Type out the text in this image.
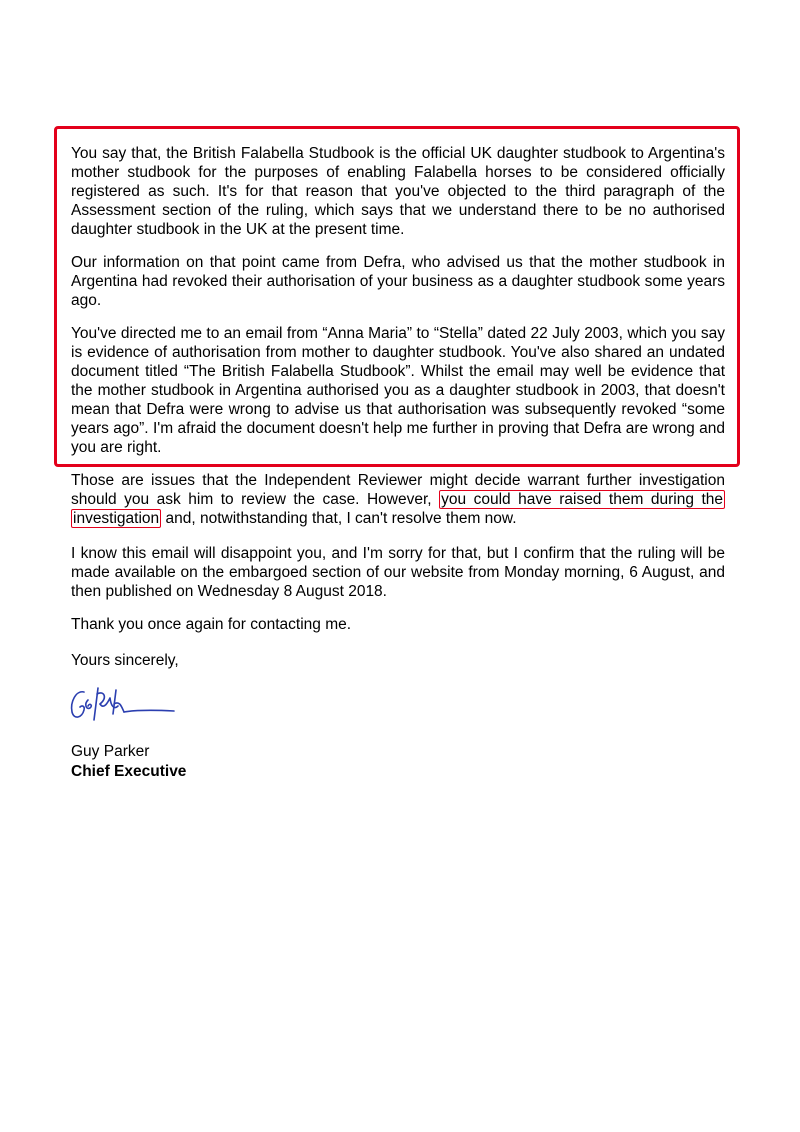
You say that, the British Falabella Studbook is the official UK daughter studbook to Argentina's mother studbook for the purposes of enabling Falabella horses to be considered officially registered as such. It's for that reason that you've objected to the third paragraph of the Assessment section of the ruling, which says that we understand there to be no authorised daughter studbook in the UK at the present time.

Our information on that point came from Defra, who advised us that the mother studbook in Argentina had revoked their authorisation of your business as a daughter studbook some years ago.

You've directed me to an email from “Anna Maria” to “Stella” dated 22 July 2003, which you say is evidence of authorisation from mother to daughter studbook. You've also shared an undated document titled “The British Falabella Studbook”. Whilst the email may well be evidence that the mother studbook in Argentina authorised you as a daughter studbook in 2003, that doesn't mean that Defra were wrong to advise us that authorisation was subsequently revoked “some years ago”. I'm afraid the document doesn't help me further in proving that Defra are wrong and you are right.

Those are issues that the Independent Reviewer might decide warrant further investigation should you ask him to review the case. However, you could have raised them during the investigation and, notwithstanding that, I can't resolve them now.

I know this email will disappoint you, and I'm sorry for that, but I confirm that the ruling will be made available on the embargoed section of our website from Monday morning, 6 August, and then published on Wednesday 8 August 2018.

Thank you once again for contacting me.

Yours sincerely,
Guy Parker
Chief Executive
